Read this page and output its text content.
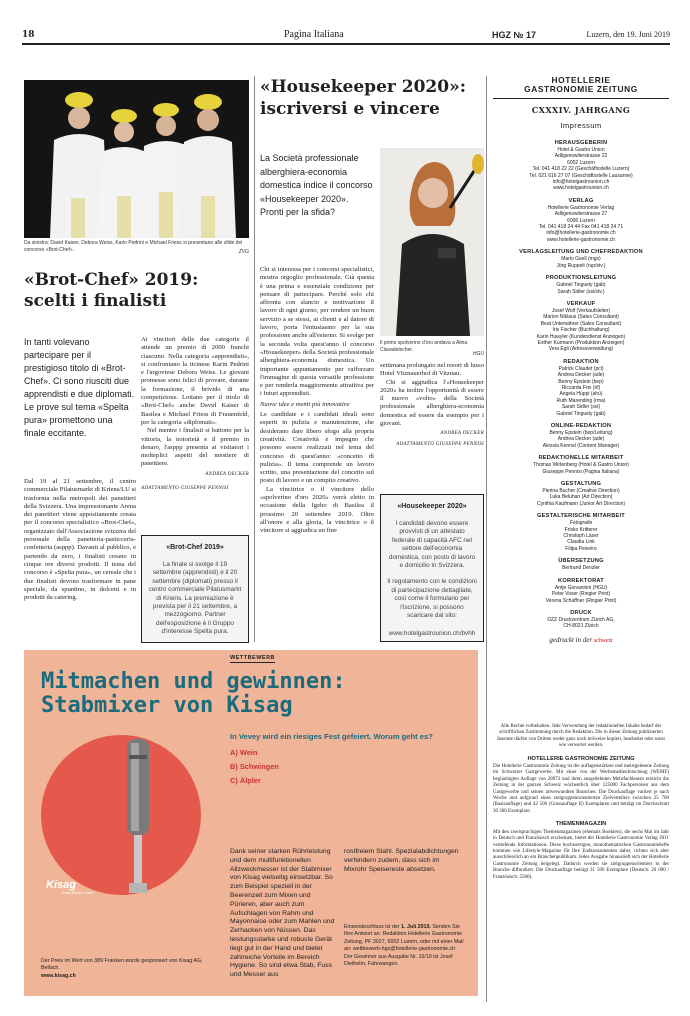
18	Pagina Italiana	HGZ № 17	Luzern, den 19. Juni 2019
Da sinistra: David Kaiser, Debora Weiss, Karin Pedrini e Michael Friess si presentano alle sfide del concorso «Brot-Chef».	ZVG
«Brot-Chef» 2019: scelti i finalisti
In tanti volevano partecipare per il prestigioso titolo di «Brot-Chef». Ci sono riusciti due apprendisti e due diplomati. Le prove sul tema «Spelta pura» promettono una finale eccitante.

Dal 19 al 21 settembre, il centro commerciale Pilatusmarkt di Kriens/LU si trasforma nella metropoli dei panettieri della Svizzera. Una impressionante Arena dei panettieri viene appositamente creata per il concorso specialistico «Brot-Chef», organizzato dall'Associazione svizzera del personale della panetteria-pasticceria-confetteria (asppp). Davanti al pubblico, e partendo da zero, i finalisti creano in cinque ore diversi prodotti. Il tema del concorso è «Spelta pura», un cereale che i due finalisti devono trasformare in pane speciale, da spuntino, in dolcetti e in prodotti da catering.

Ai vincitori delle due categorie il attende un premio di 2000 franchi ciascuno. Nella categoria «apprendisti», si confrontano la ticinese Karin Pedrini e l'argoviese Debora Weiss. Le giovani promesse sono felici di provare, durante la formazione, il brivido di una competizione. Lottano per il titolo di «Brot-Chef» anche David Kaiser di Basilea e Michael Friess di Frauenfeld, per la categoria «diplomati».

Nel mentre i finalisti si battono per la vittoria, la notorietà e il premio in denaro, l'asppp presenta ai visitatori i molteplici aspetti del mestiere di panettiere.

ANDREA DECKER
ADATTAMENTO GIUSEPPE PENNISI
«Brot-Chef 2019»
La finale si svolge il 19 settembre (apprendisti) e il 20 settembre (diplomati) presso il centro commerciale Pilatusmarkt di Kriens. La premiazione è prevista per il 21 settembre, a mezzogiorno. Partner dell'esposizione è il Gruppo d'interesse Spelta pura.
«Housekeeper 2020»: iscriversi e vincere
La Società professionale alberghiera-economia domestica indice il concorso «Housekeeper 2020». Pronti per la sfida?
Il primo spolverino d'oro andava a Alina Clavadetscher.
HGU

Chi si interessa per i concorsi specialistici, mostra orgoglio professionale. Già questa è una prima e essenziale condizione per pensare di partecipare. Perché solo chi affronta con slancio e motivazione il lavoro di ogni giorno, per rendere un buon servizio a se stessi, ai clienti e al datore di lavoro, porta l'entusiasmo per la sua professione anche all'esterno. Si svolge per la seconda volta quest'anno il concorso «Housekeeper» della Società professionale alberghiera-economia domestica. Un importante appuntamento per rafforzare l'immagine di questa versatile professione e per renderla maggiormente attrattiva per i futuri apprendisti.

Nuove idee e menti più innovative

Le candidate e i candidati ideali sono esperti in pulizia e manutenzione, che desiderano dare libero sfogo alla propria creatività. Creatività e impegno che possono essere realizzati nel tema del concorso di quest'anno: «concetto di pulizia». Il tema comprende un lavoro scritto, una presentazione del concetto sul posto di lavoro e un compito creativo.

La vincitrice o il vincitore dello «spolverino d'oro 2020» verrà eletto in occasione della Igeho di Basilea il prossimo 20 settembre 2019. Oltre all'onore e alla gloria, la vincitrice o il vincitore si aggiudica un fine

settimana prolungato nel resort di lusso Hotel Vitznauerhof di Vitznau.

Chi si aggiudica l'«Housekeeper 2020» ha inoltre l'opportunità di essere il nuovo «volto» della Società professionale alberghiera-economia domestica ed essere da esempio per i giovani.

ANDREA DECKER
ADATTAMENTO GIUSEPPE PENNISI
«Housekeeper 2020»
I candidati devono essere provvisti di un attestato federale di capacità AFC nel settore dell'economia domestica, con posto di lavoro e domicilio in Svizzera.
Il regolamento con le condizioni di partecipazione dettagliate, così come il formulario per l'iscrizione, si possono scaricare dal sito:
www.hotelgastrounion.ch/bvhh
HOTELLERIE
GASTRONOMIE ZEITUNG
CXXXIV. JAHRGANG
Impressum
HERAUSGEBERIN
Hotel & Gastro Union
Adligenswilerstrasse 22
6002 Luzern
Tel. 041 418 22 22 (Geschäftsstelle Luzern)
Tel. 021 616 27 07 (Geschäftsstelle Lausanne)
info@hotelgastrounion.ch
www.hotelgastrounion.ch
VERLAG
Hotellerie Gastronomie Verlag
Adligenswilerstrasse 27
6006 Luzern
Tel. 041 418 24 44 Fax 041 418 24 71
info@hotellerie-gastronomie.ch
www.hotellerie-gastronomie.ch
VERLAGSLEITUNG UND CHEFREDAKTION
Mario Gsell (mgs)
Jörg Ruppelt (rup/stv.)
PRODUKTIONSLEITUNG
Gabriel Tinguely (gab)
Sarah Sidler (ssi/stv.)
VERKAUF
Josef Wolf (Verkaufsleiter)
Marion Niklaus (Sales Consultant)
Beat Untemährer (Sales Consultant)
Iris Fischer (Buchhaltung)
Karin Huwyler (Kundendienst Anzeigen)
Esther Kurmann (Produktion Anzeigen)
Vera Egli (Adressverwaltung)
REDAKTION
Patrick Claudet (pcl)
Andrea Decker (ade)
Benny Epstein (bep)
Riccarda Frei (rif)
Angela Hüppi (ahü)
Ruth Marending (rma)
Sarah Sidler (ssi)
Gabriel Tinguely (gab)
ONLINE-REDAKTION
Benny Epstein (bep/Leitung)
Andrea Decker (ade)
Alessia Kennel (Content Manager)
REDAKTIONELLE MITARBEIT
Thomas Wirtenberg (Hotel & Gastro Union)
Giuseppe Pennisi (Pagina Italiana)
GESTALTUNG
Pierina Bucher (Creative Direction)
Luka Beluhan (Art Direction)
Cynthia Kaufmann (Junior Art Direction)
GESTALTERISCHE MITARBEIT
Fotografie
Frisko Kritterer
Christoph Läser
Claudia Link
Filipa Peixeiro
ÜBERSETZUNG
Bertrand Denzler
KORREKTORAT
Antje Giovannini (HGU)
Peter Voser (Ringier Print)
Verena Schaffner (Ringier Print)
DRUCK
DZZ Druckzentrum Zürich AG,
CH-8021 Zürich
gedruckt in der schweiz

Alle Rechte vorbehalten. Jede Verwendung der redaktionellen Inhalte bedarf der schriftlichen Zustimmung durch die Redaktion. Die in dieser Zeitung publizierten Inserate dürfen von Dritten weder ganz noch teilweise kopiert, bearbeitet oder sonst wie verwertet werden.

HOTELLERIE GASTRONOMIE ZEITUNG

Die Hotellerie Gastronomie Zeitung ist die auflagenstärkste und meistgelesene Zeitung im Schweizer Gastgewerbe. Mit einer von der Werbemedienforschung (WEMF) beglaubigten Auflage von 28073 und ihren ausgedehnten Mehrfachlesern erreicht die Zeitung in der ganzen Schweiz wöchentlich über 125000 Fachpersonen aus dem Gastgewerbe und seinen artverwandten Branchen. Die Druckauflage variiert je nach Woche und aufgrund eines zielgruppenorientierten Zielverteilers zwischen 25 700 (Basisauflage) und 42 500 (Grossauflage II) Exemplaren und beträgt im Durchschnitt 30 300 Exemplare.

THEMENMAGAZIN

Mit den zweisprachigen Themenmagazinen (ehemals Booklets), die sechs Mal im Jahr in Deutsch und Französisch erscheinen, bietet der Hotellerie Gastronomie Verlag 2011 vertiefende Informationen. Diese hochwertigen, monothematischen Gastronomiehefte kommen wie Lifestyle-Magazine für Ihre Endkonsumenten daher, richten sich aber ausschliesslich an ein Branchenpublikum. Jedes Ausgabe hinauslieft sich der Hotellerie Gastronomie Zeitung beigelegt. Dadurch werden sie zielgruppenorientiert in der Branche diffundiert. Die Druckauflage beträgt 31 500 Exemplare (Deutsch: 26 000 / Französisch: 5500).

WETTBEWERB
Mitmachen und gewinnen:
Stabmixer von Kisag
Kisag
Swiss Kitchen Tools
In Vevey wird ein riesiges Fest gefeiert. Worum geht es?
A) Wein
B) Schwingen
C) Älpler
Dank seiner starken Rührleistung und dem multifunktionellen Allzweckmesser ist der Stabmixer von Kisag vielseitig einsetzbar. So zum Beispiel speziell in der Beerenzeit zum Mixen und Pürieren, aber auch zum Aufschlagen von Rahm und Mayonnaise oder zum Mahlen und Zerhacken von Nüssen. Das leistungsstarke und robuste Gerät liegt gut in der Hand und bietet zahlreiche Vorteile im Bereich Hygiene. So sind etwa Stab, Fuss und Messer aus
rostfreiem Stahl. Spezialabdichtungen verhindern zudem, dass sich im Mixrohr Speisereste absetzen.
Einsendeschluss ist der 1. Juli 2019. Senden Sie Ihre Antwort an: Redaktion Hotellerie Gastronomie Zeitung, PF 3027, 6002 Luzern, oder mit einer Mail an: wettbewerb-hgz@hotellerie-gastronomie.ch
Der Gewinner aus Ausgabe Nr. 15/19 ist Josef Diethelm, Fahrwangen.
Der Preis im Wert von 389 Franken wurde gesponsert von Kisag AG, Bellach.
www.kisag.ch
